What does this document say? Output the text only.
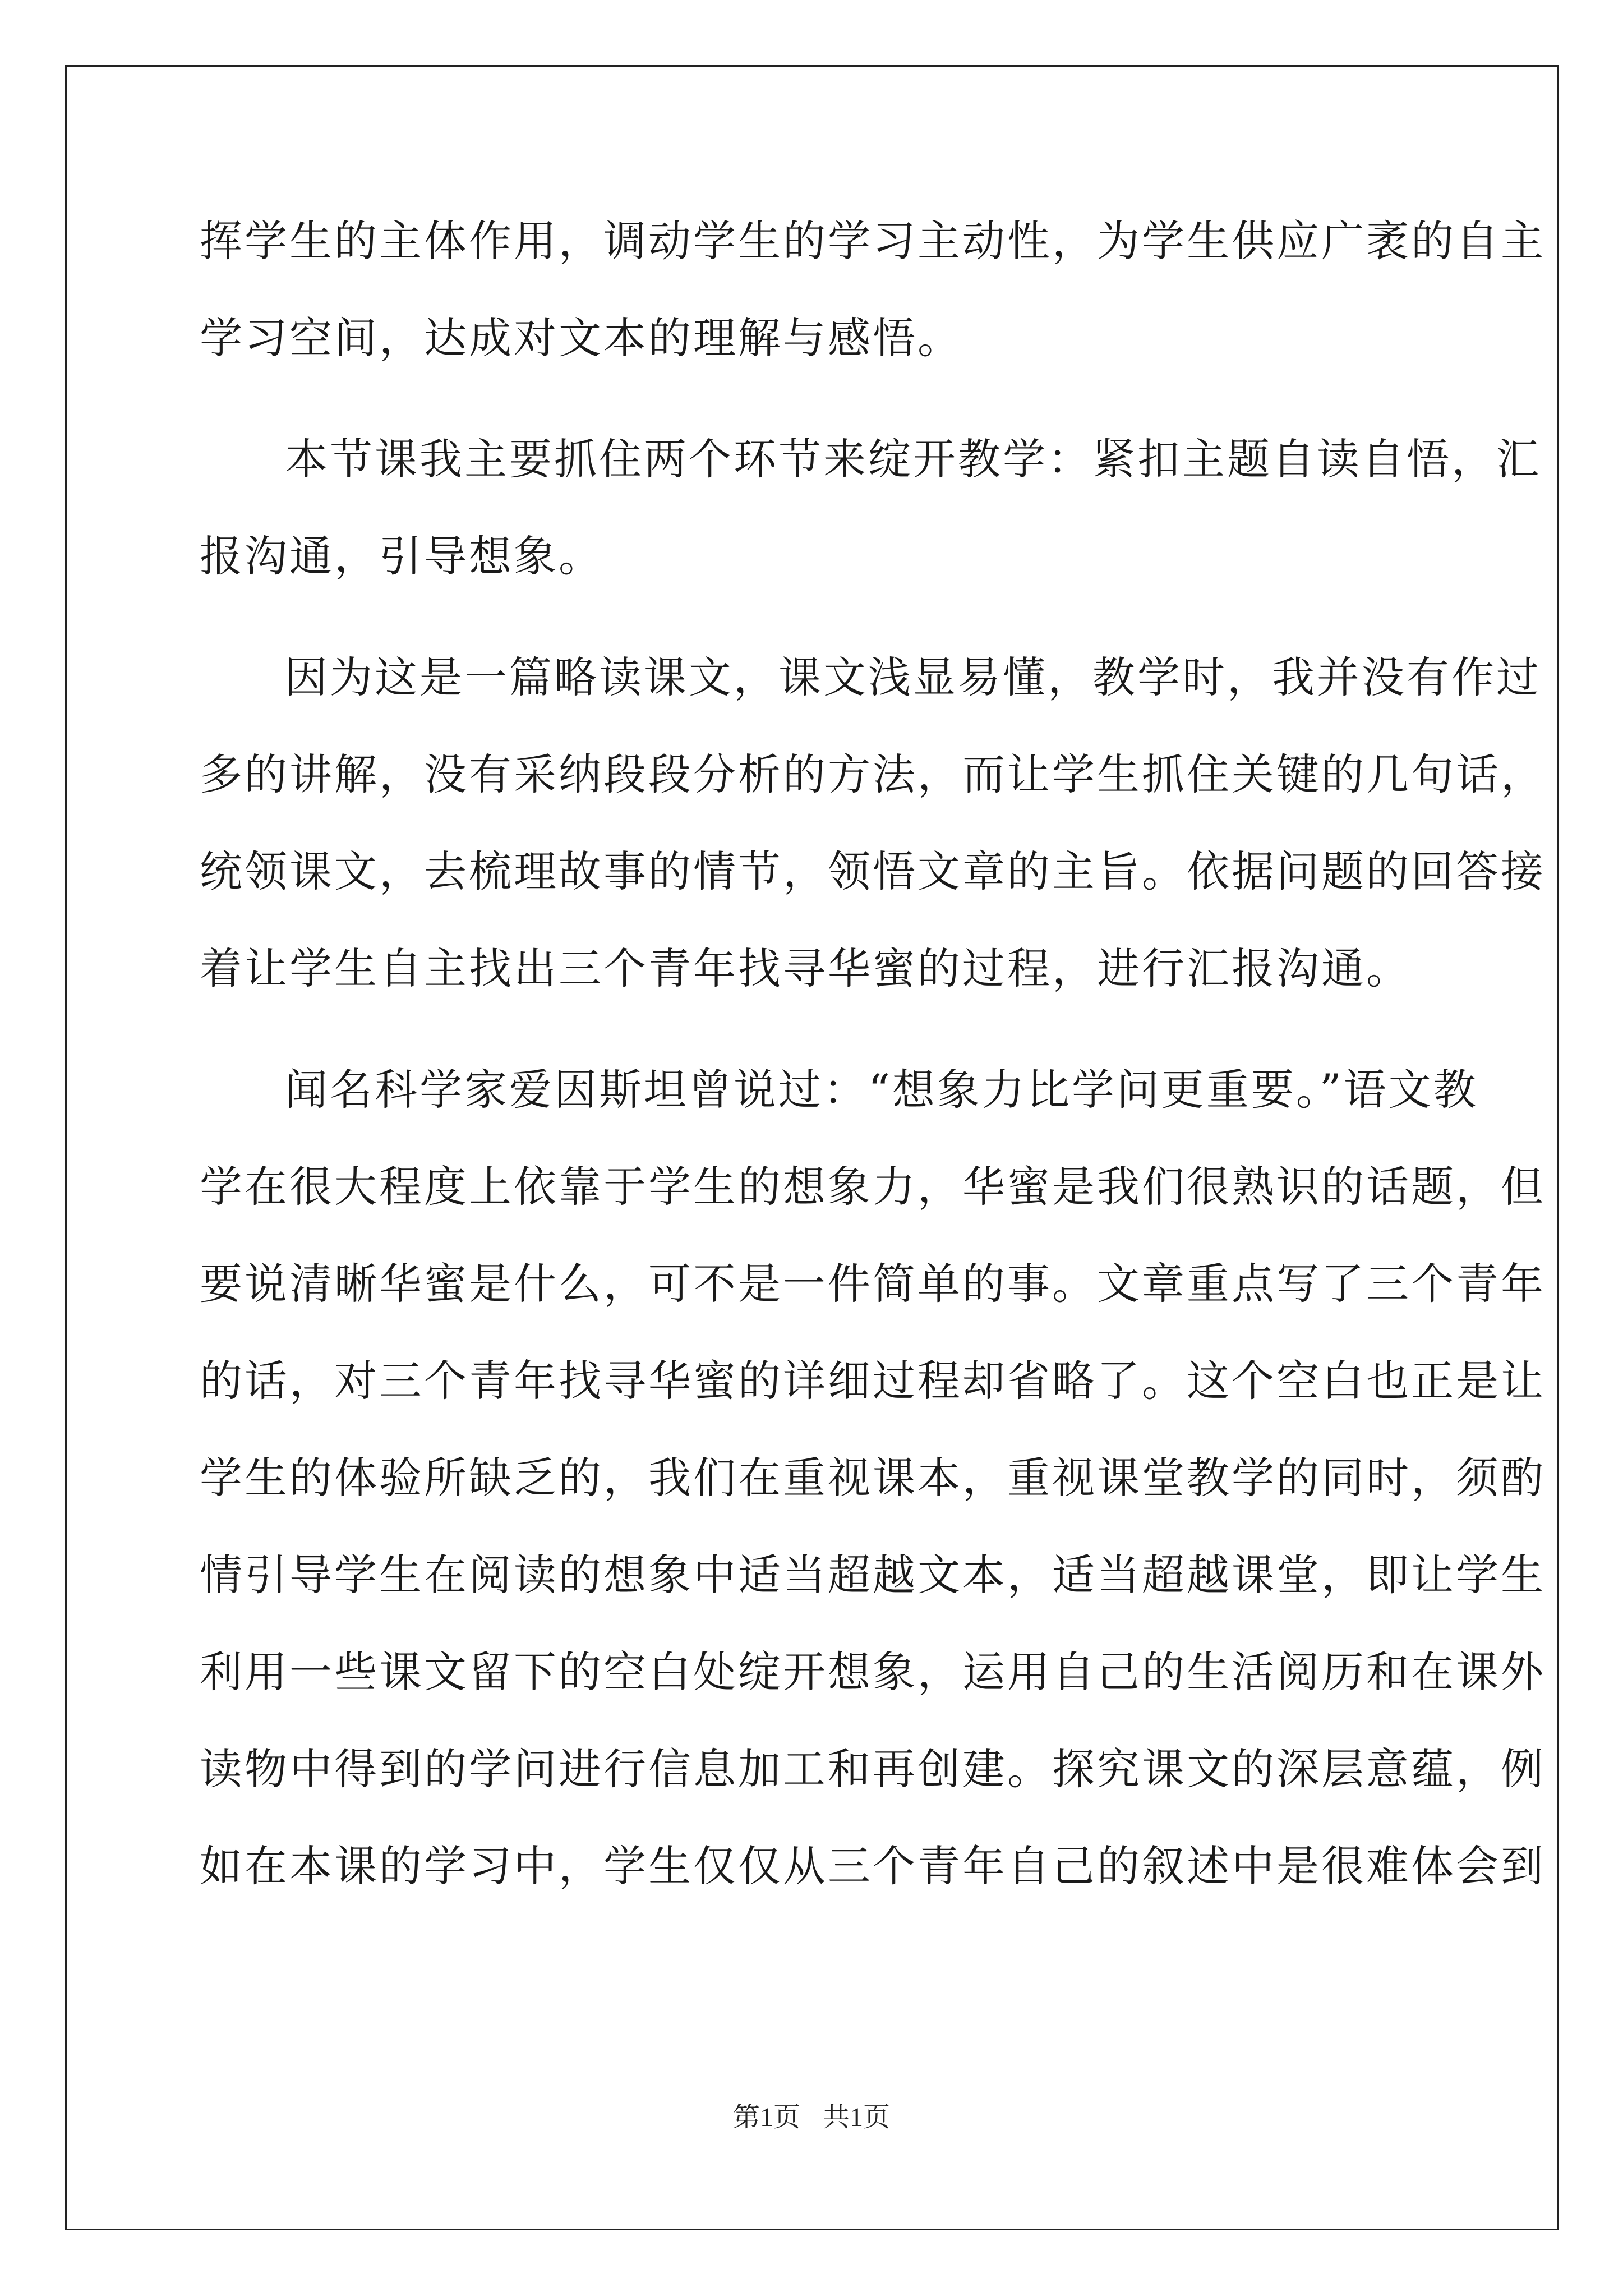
挥学生的主体作用，调动学生的学习主动性，为学生供应广袤的自主
学习空间，达成对文本的理解与感悟。
本节课我主要抓住两个环节来绽开教学：紧扣主题自读自悟，汇
报沟通，引导想象。
因为这是一篇略读课文，课文浅显易懂，教学时，我并没有作过
多的讲解，没有采纳段段分析的方法，而让学生抓住关键的几句话，
统领课文，去梳理故事的情节，领悟文章的主旨。依据问题的回答接
着让学生自主找出三个青年找寻华蜜的过程，进行汇报沟通。
闻名科学家爱因斯坦曾说过：“想象力比学问更重要。”语文教
学在很大程度上依靠于学生的想象力，华蜜是我们很熟识的话题，但
要说清晰华蜜是什么，可不是一件简单的事。文章重点写了三个青年
的话，对三个青年找寻华蜜的详细过程却省略了。这个空白也正是让
学生的体验所缺乏的，我们在重视课本，重视课堂教学的同时，须酌
情引导学生在阅读的想象中适当超越文本，适当超越课堂，即让学生
利用一些课文留下的空白处绽开想象，运用自己的生活阅历和在课外
读物中得到的学问进行信息加工和再创建。探究课文的深层意蕴，例
如在本课的学习中，学生仅仅从三个青年自己的叙述中是很难体会到
第1页 共1页
